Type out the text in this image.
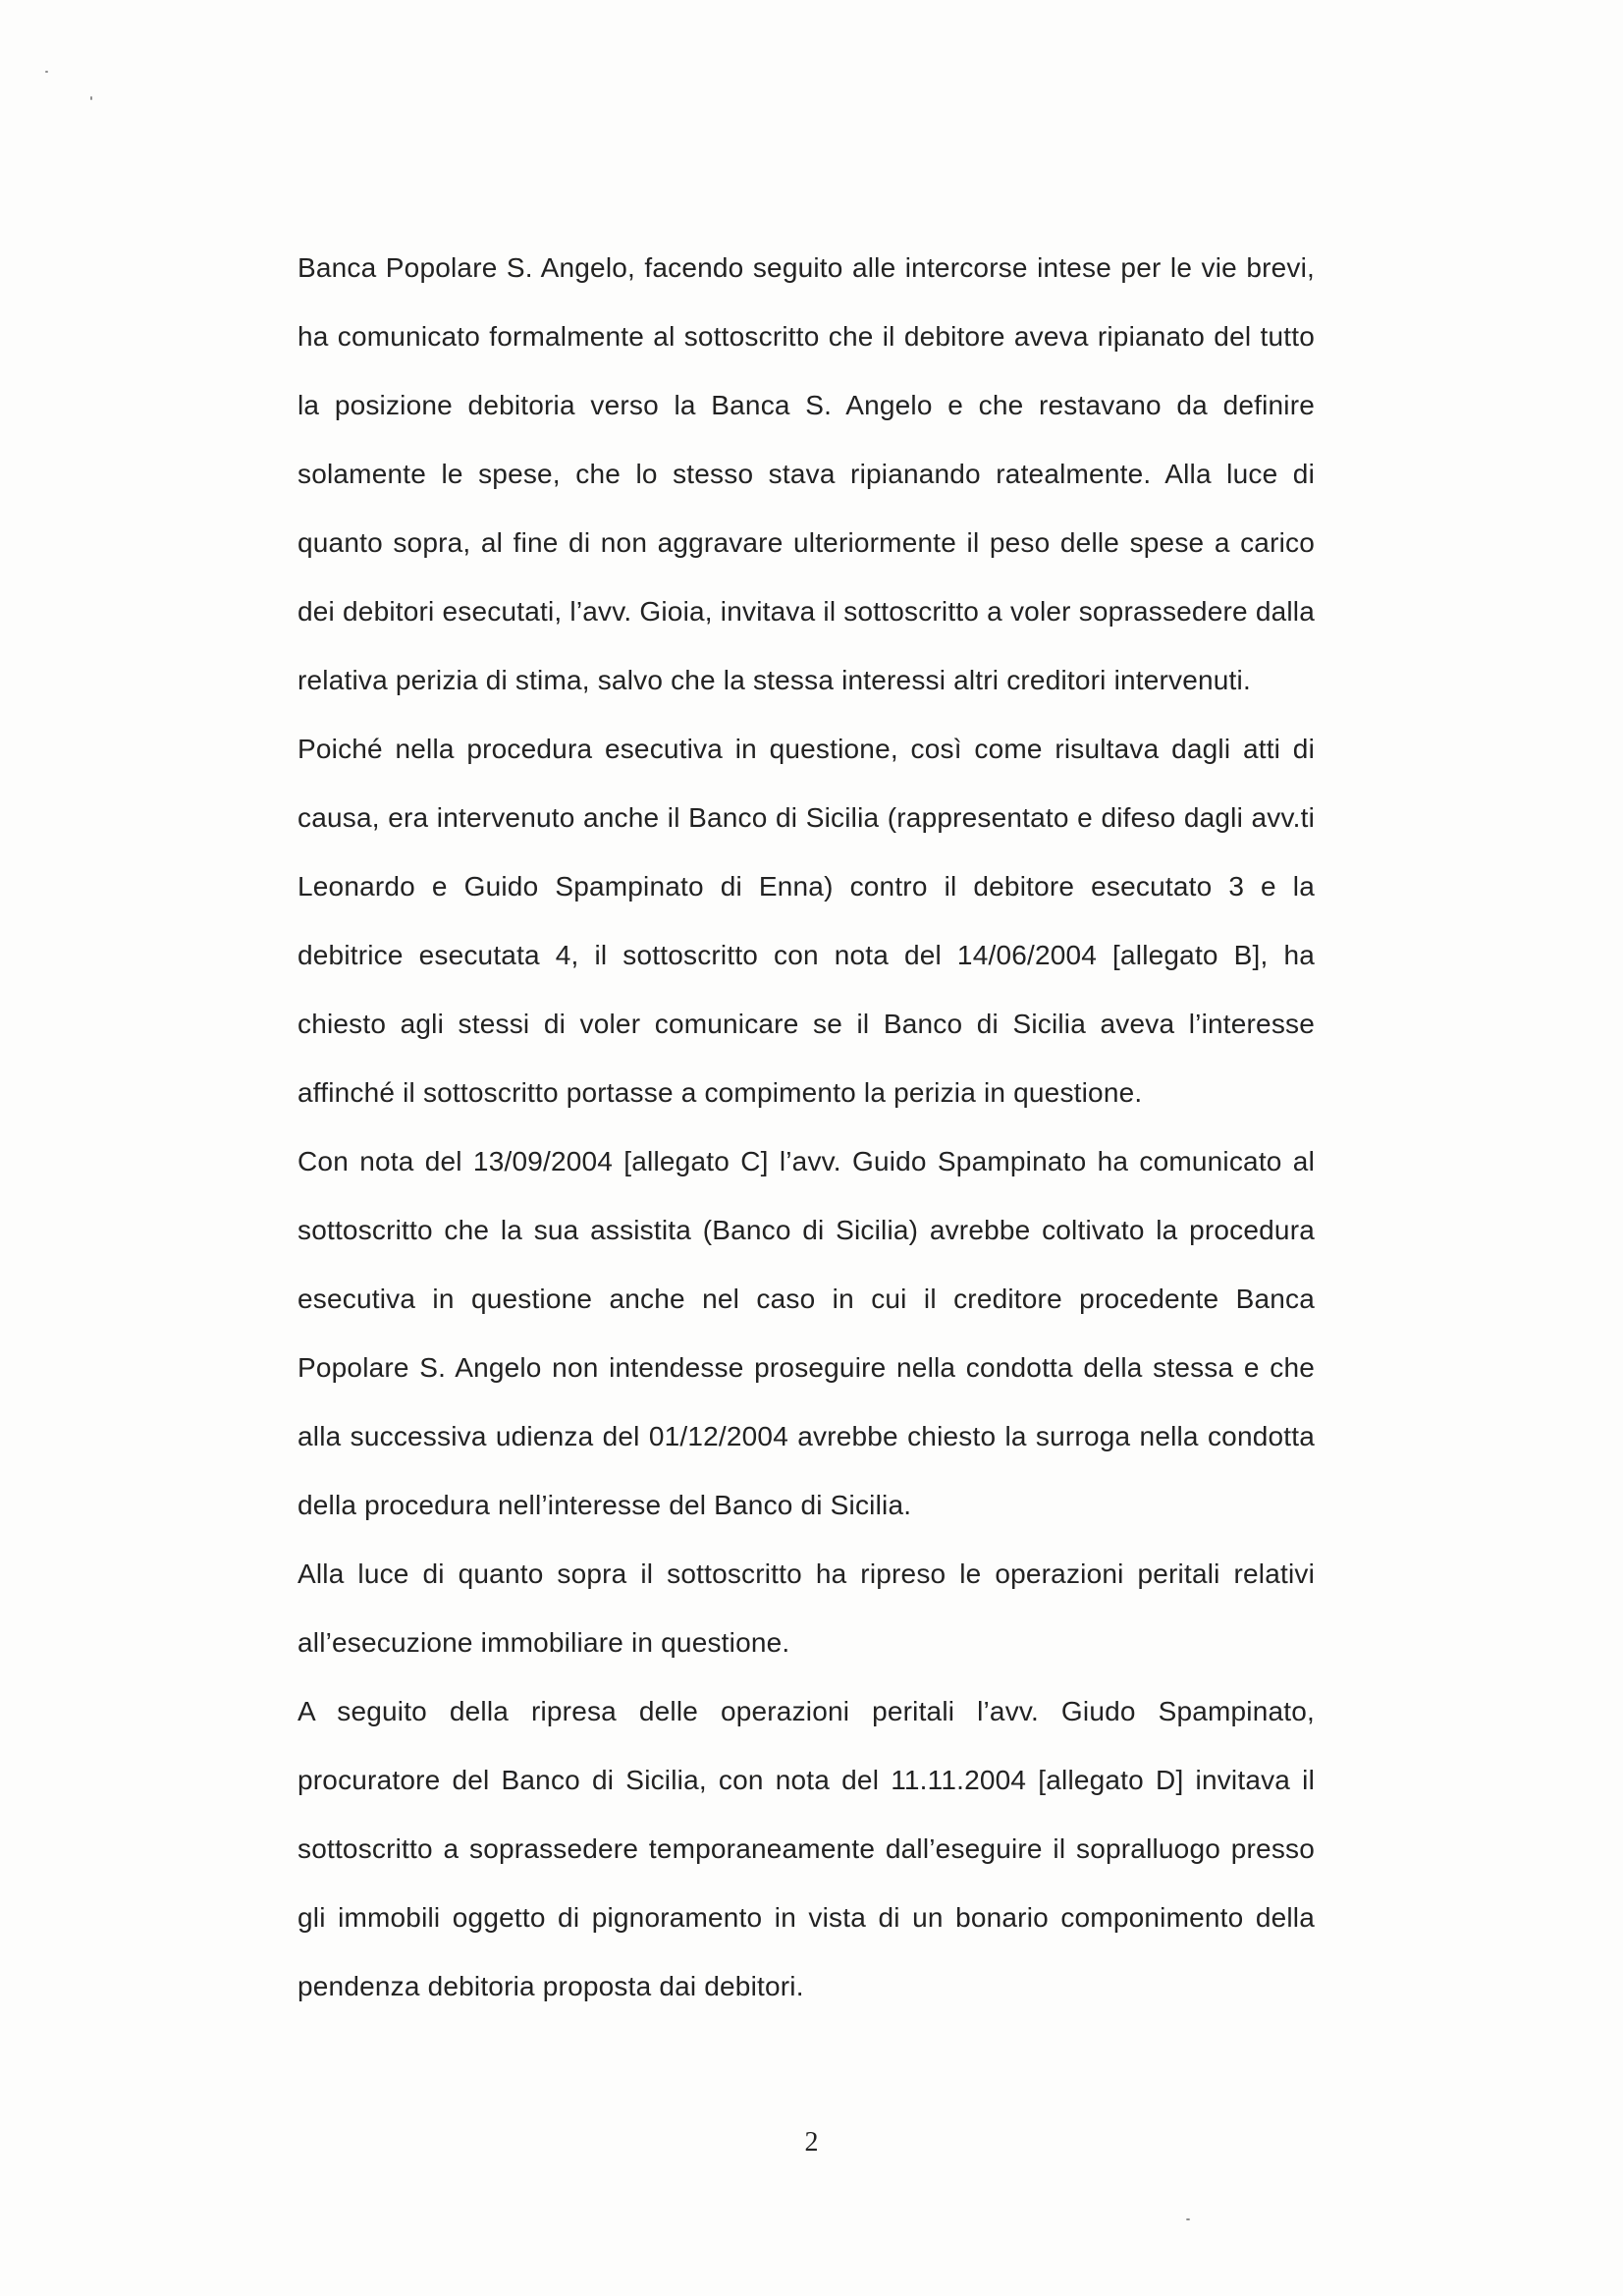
Banca Popolare S. Angelo, facendo seguito alle intercorse intese per le vie brevi,
ha comunicato formalmente al sottoscritto che il debitore aveva ripianato del tutto
la posizione debitoria verso la Banca S. Angelo e che restavano da definire
solamente le spese, che lo stesso stava ripianando ratealmente. Alla luce di
quanto sopra, al fine di non aggravare ulteriormente il peso delle spese a carico
dei debitori esecutati, l’avv. Gioia, invitava il sottoscritto a voler soprassedere dalla
relativa perizia di stima, salvo che la stessa interessi altri creditori intervenuti.
Poiché nella procedura esecutiva in questione, così come risultava dagli atti di
causa, era intervenuto anche il Banco di Sicilia (rappresentato e difeso dagli avv.ti
Leonardo e Guido Spampinato di Enna) contro il debitore esecutato 3 e la
debitrice esecutata 4, il sottoscritto con nota del 14/06/2004 [allegato B], ha
chiesto agli stessi di voler comunicare se il Banco di Sicilia aveva l’interesse
affinché il sottoscritto portasse a compimento la perizia in questione.
Con nota del 13/09/2004 [allegato C] l’avv. Guido Spampinato ha comunicato al
sottoscritto che la sua assistita (Banco di Sicilia) avrebbe coltivato la procedura
esecutiva in questione anche nel caso in cui il creditore procedente Banca
Popolare S. Angelo non intendesse proseguire nella condotta della stessa e che
alla successiva udienza del 01/12/2004 avrebbe chiesto la surroga nella condotta
della procedura nell’interesse del Banco di Sicilia.
Alla luce di quanto sopra il sottoscritto ha ripreso le operazioni peritali relativi
all’esecuzione immobiliare in questione.
A seguito della ripresa delle operazioni peritali l’avv. Giudo Spampinato,
procuratore del Banco di Sicilia, con nota del 11.11.2004 [allegato D] invitava il
sottoscritto a soprassedere temporaneamente dall’eseguire il sopralluogo presso
gli immobili oggetto di pignoramento in vista di un bonario componimento della
pendenza debitoria proposta dai debitori.
2
